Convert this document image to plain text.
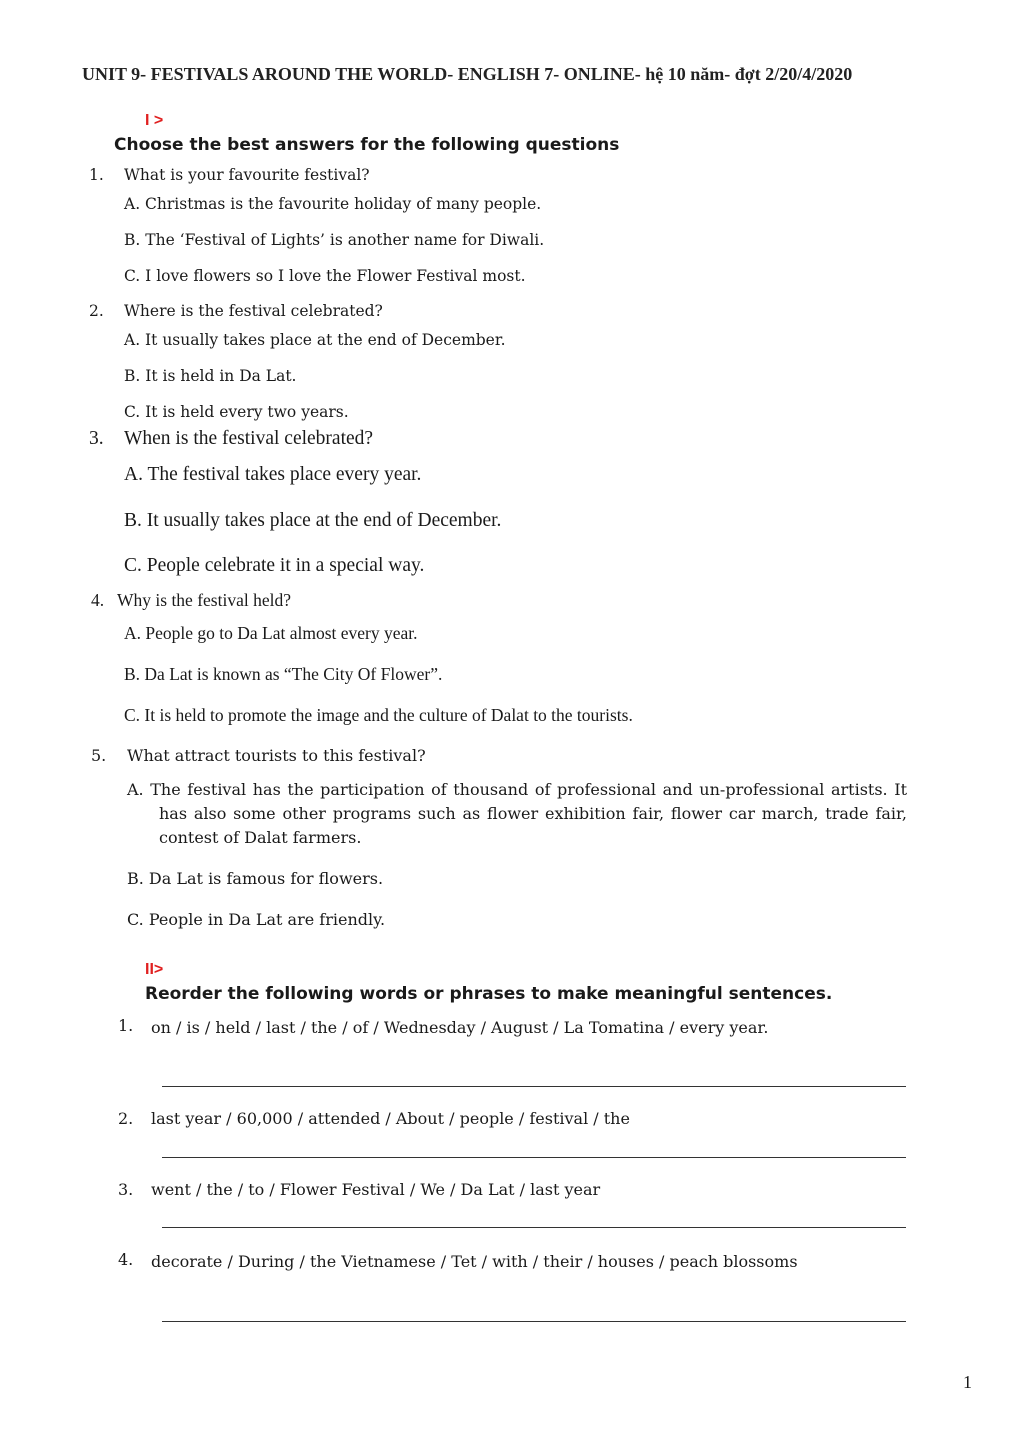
UNIT 9- FESTIVALS AROUND THE WORLD- ENGLISH 7- ONLINE- hệ 10 năm- đợt 2/20/4/2020
I >
Choose the best answers for the following questions
1. What is your favourite festival?
A. Christmas is the favourite holiday of many people.
B. The ‘Festival of Lights’ is another name for Diwali.
C. I love flowers so I love the Flower Festival most.
2. Where is the festival celebrated?
A. It usually takes place at the end of December.
B. It is held in Da Lat.
C. It is held every two years.
3. When is the festival celebrated?
A. The festival takes place every year.
B. It usually takes place at the end of December.
C. People celebrate it in a special way.
4. Why is the festival held?
A. People go to Da Lat almost every year.
B. Da Lat is known as “The City Of Flower”.
C. It is held to promote the image and the culture of Dalat to the tourists.
5. What attract tourists to this festival?
A. The festival has the participation of thousand of professional and un-professional artists. It has also some other programs such as flower exhibition fair, flower car march, trade fair, contest of Dalat farmers.
B. Da Lat is famous for flowers.
C. People in Da Lat are friendly.
II>
Reorder the following words or phrases to make meaningful sentences.
1. on / is / held / last / the / of / Wednesday / August / La Tomatina / every year.
2. last year / 60,000 / attended / About / people / festival / the
3. went / the / to / Flower Festival / We / Da Lat / last year
4. decorate / During / the Vietnamese / Tet / with / their / houses / peach blossoms
1
